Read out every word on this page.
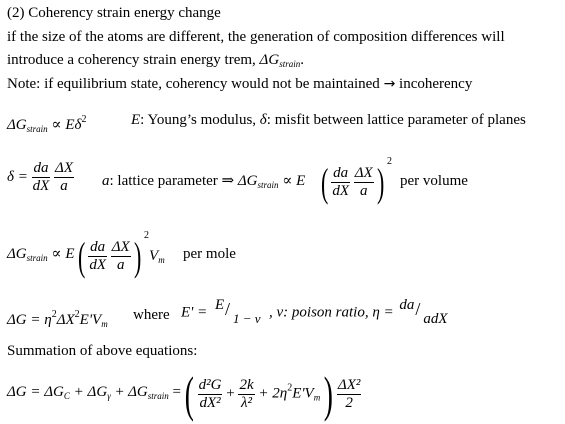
(2) Coherency strain energy change
if the size of the atoms are different, the generation of composition differences will
introduce a coherency strain energy trem, $\Delta G_{strain}$.
Note: if equilibrium state, coherency would not be maintained → incoherency
$\Delta G_{strain} \propto E\delta^2$	E: Young’s modulus, δ: misfit between lattice parameter of planes
$\delta = \frac{da}{dX}$
$\frac{\Delta X}{a} a$: lattice parameter ⇒ $\Delta G_{strain} \propto E$ ( $\frac{da}{dX}$
$\frac{\Delta X}{a}$ ) $^2$
per volume
$\Delta G_{strain} \propto E$ ( $\frac{da}{dX}$
$\frac{\Delta X}{a}$ ) $^2V_m$ per mole
$\Delta G = \eta^2\Delta X^2E'V_m$
where E' = E / 1 − ν , ν: poison ratio, η = da / adX
Summation of above equations:
$\Delta G = \Delta G_C + \Delta G_\gamma + \Delta G_{strain}$ =( $\frac{\text{d²G}}{\text{dX²}} + \frac{2k}{\text{λ²}} + 2\eta^2E'V_m) \frac{\text{ΔX²}}{2}$
